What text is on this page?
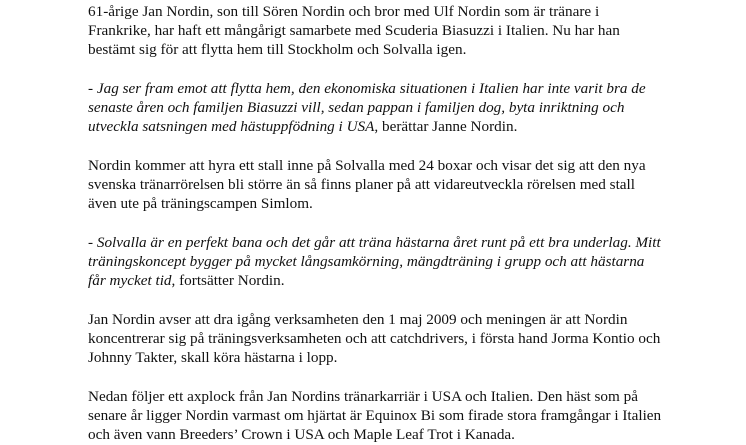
61-årige Jan Nordin, son till Sören Nordin och bror med Ulf Nordin som är tränare i
Frankrike, har haft ett mångårigt samarbete med Scuderia Biasuzzi i Italien. Nu har han
bestämt sig för att flytta hem till Stockholm och Solvalla igen.

- Jag ser fram emot att flytta hem, den ekonomiska situationen i Italien har inte varit bra de
senaste åren och familjen Biasuzzi vill, sedan pappan i familjen dog, byta inriktning och
utveckla satsningen med hästuppfödning i USA, berättar Janne Nordin.

Nordin kommer att hyra ett stall inne på Solvalla med 24 boxar och visar det sig att den nya
svenska tränarrörelsen bli större än så finns planer på att vidareutveckla rörelsen med stall
även ute på träningscampen Simlom.

- Solvalla är en perfekt bana och det går att träna hästarna året runt på ett bra underlag. Mitt
träningskoncept bygger på mycket långsamkörning, mängdträning i grupp och att hästarna
får mycket tid, fortsätter Nordin.

Jan Nordin avser att dra igång verksamheten den 1 maj 2009 och meningen är att Nordin
koncentrerar sig på träningsverksamheten och att catchdrivers, i första hand Jorma Kontio och
Johnny Takter, skall köra hästarna i lopp.

Nedan följer ett axplock från Jan Nordins tränarkarriär i USA och Italien. Den häst som på
senare år ligger Nordin varmast om hjärtat är Equinox Bi som firade stora framgångar i Italien
och även vann Breeders’ Crown i USA och Maple Leaf Trot i Kanada.
